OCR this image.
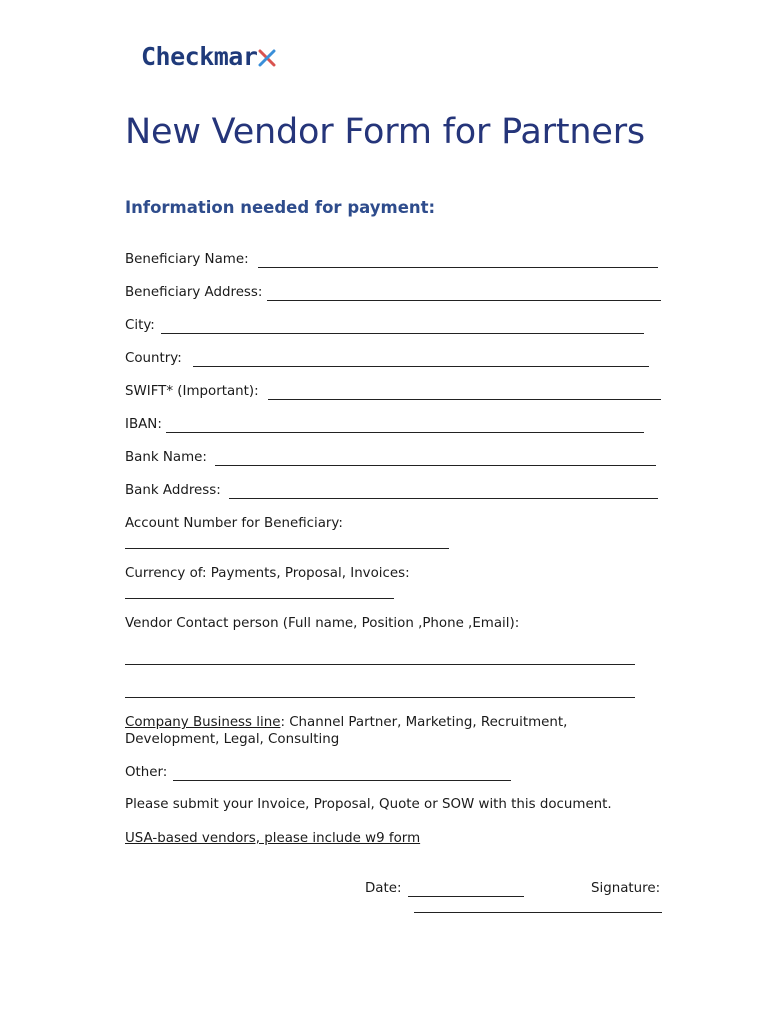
Checkmar
New Vendor Form for Partners
Information needed for payment:
Beneficiary Name:
Beneficiary Address:
City:
Country:
SWIFT* (Important):
IBAN:
Bank Name:
Bank Address:
Account Number for Beneficiary:
Currency of: Payments, Proposal, Invoices:
Vendor Contact person (Full name, Position ,Phone ,Email):
Company Business line: Channel Partner, Marketing, Recruitment,
Development, Legal, Consulting
Other:
Please submit your Invoice, Proposal, Quote or SOW with this document.
USA-based vendors, please include w9 form
Date:	Signature:
